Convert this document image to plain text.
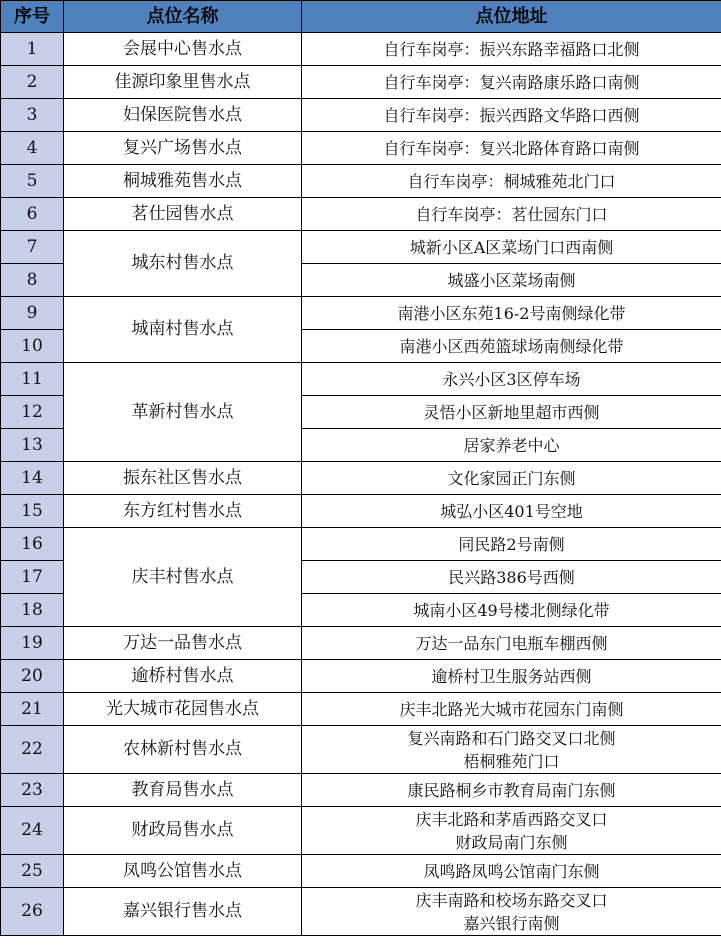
序号	点位名称	点位地址
1	会展中心售水点	自行车岗亭：振兴东路幸福路口北侧
2	佳源印象里售水点	自行车岗亭：复兴南路康乐路口南侧
3	妇保医院售水点	自行车岗亭：振兴西路文华路口西侧
4	复兴广场售水点	自行车岗亭：复兴北路体育路口南侧
5	桐城雅苑售水点	自行车岗亭：桐城雅苑北门口
6	茗仕园售水点	自行车岗亭：茗仕园东门口
7	城东村售水点	城新小区A区菜场门口西南侧
8		城盛小区菜场南侧
9	城南村售水点	南港小区东苑16-2号南侧绿化带
10		南港小区西苑篮球场南侧绿化带
11	革新村售水点	永兴小区3区停车场
12		灵悟小区新地里超市西侧
13		居家养老中心
14	振东社区售水点	文化家园正门东侧
15	东方红村售水点	城弘小区401号空地
16	庆丰村售水点	同民路2号南侧
17		民兴路386号西侧
18		城南小区49号楼北侧绿化带
19	万达一品售水点	万达一品东门电瓶车棚西侧
20	逾桥村售水点	逾桥村卫生服务站西侧
21	光大城市花园售水点	庆丰北路光大城市花园东门南侧
22	农林新村售水点	复兴南路和石门路交叉口北侧
梧桐雅苑门口
23	教育局售水点	康民路桐乡市教育局南门东侧
24	财政局售水点	庆丰北路和茅盾西路交叉口
财政局南门东侧
25	凤鸣公馆售水点	凤鸣路凤鸣公馆南门东侧
26	嘉兴银行售水点	庆丰南路和校场东路交叉口
嘉兴银行南侧
